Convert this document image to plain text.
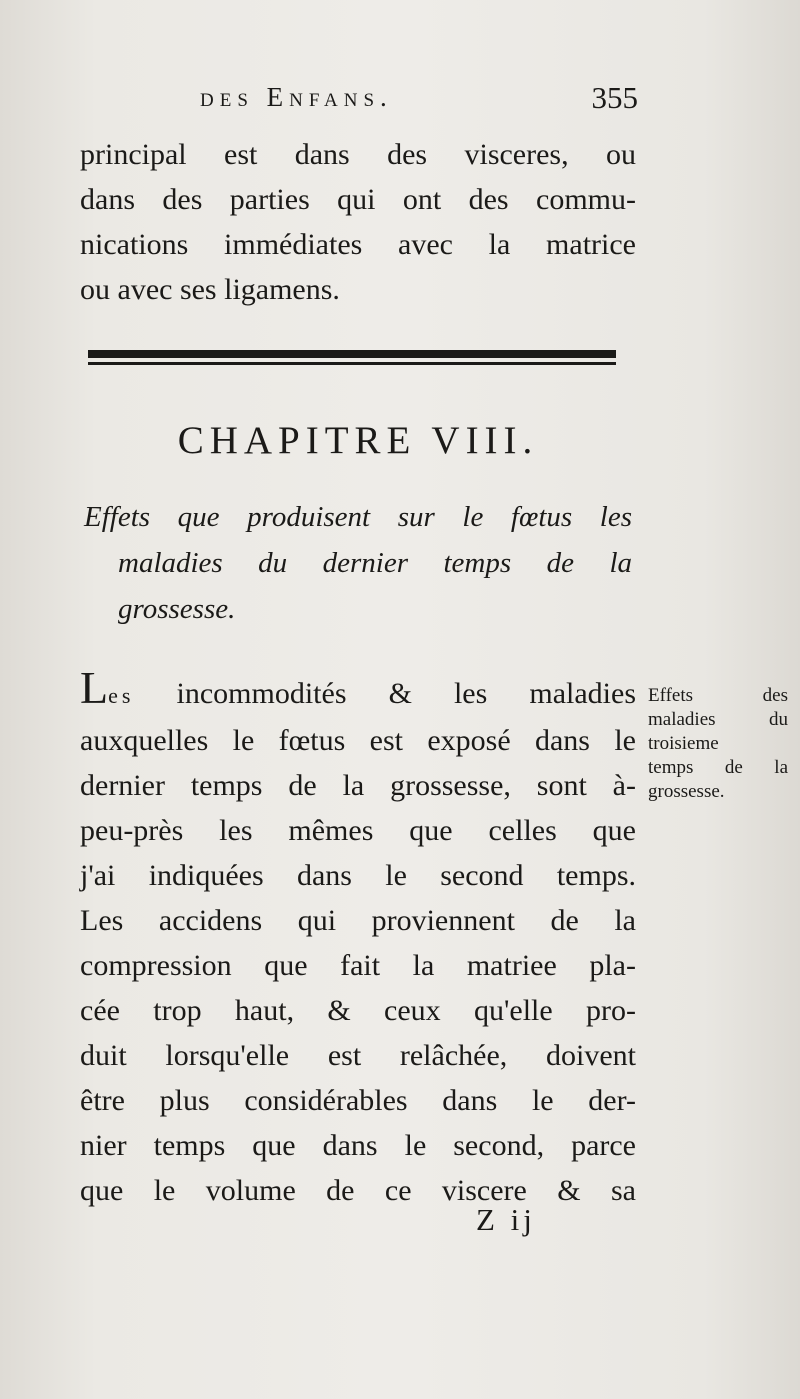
des Enfans.	355
principal est dans des visceres, ou
dans des parties qui ont des commu-
nications immédiates avec la matrice
ou avec ses ligamens.
CHAPITRE VIII.
Effets que produisent sur le fœtus les
maladies du dernier temps de la
grossesse.
Les incommodités & les maladies
auxquelles le fœtus est exposé dans le
dernier temps de la grossesse, sont à-
peu-près les mêmes que celles que
j'ai indiquées dans le second temps.
Les accidens qui proviennent de la
compression que fait la matriee pla-
cée trop haut, & ceux qu'elle pro-
duit lorsqu'elle est relâchée, doivent
être plus considérables dans le der-
nier temps que dans le second, parce
que le volume de ce viscere & sa
Effets des
maladies du
troisieme
temps de la
grossesse.
Z ij
